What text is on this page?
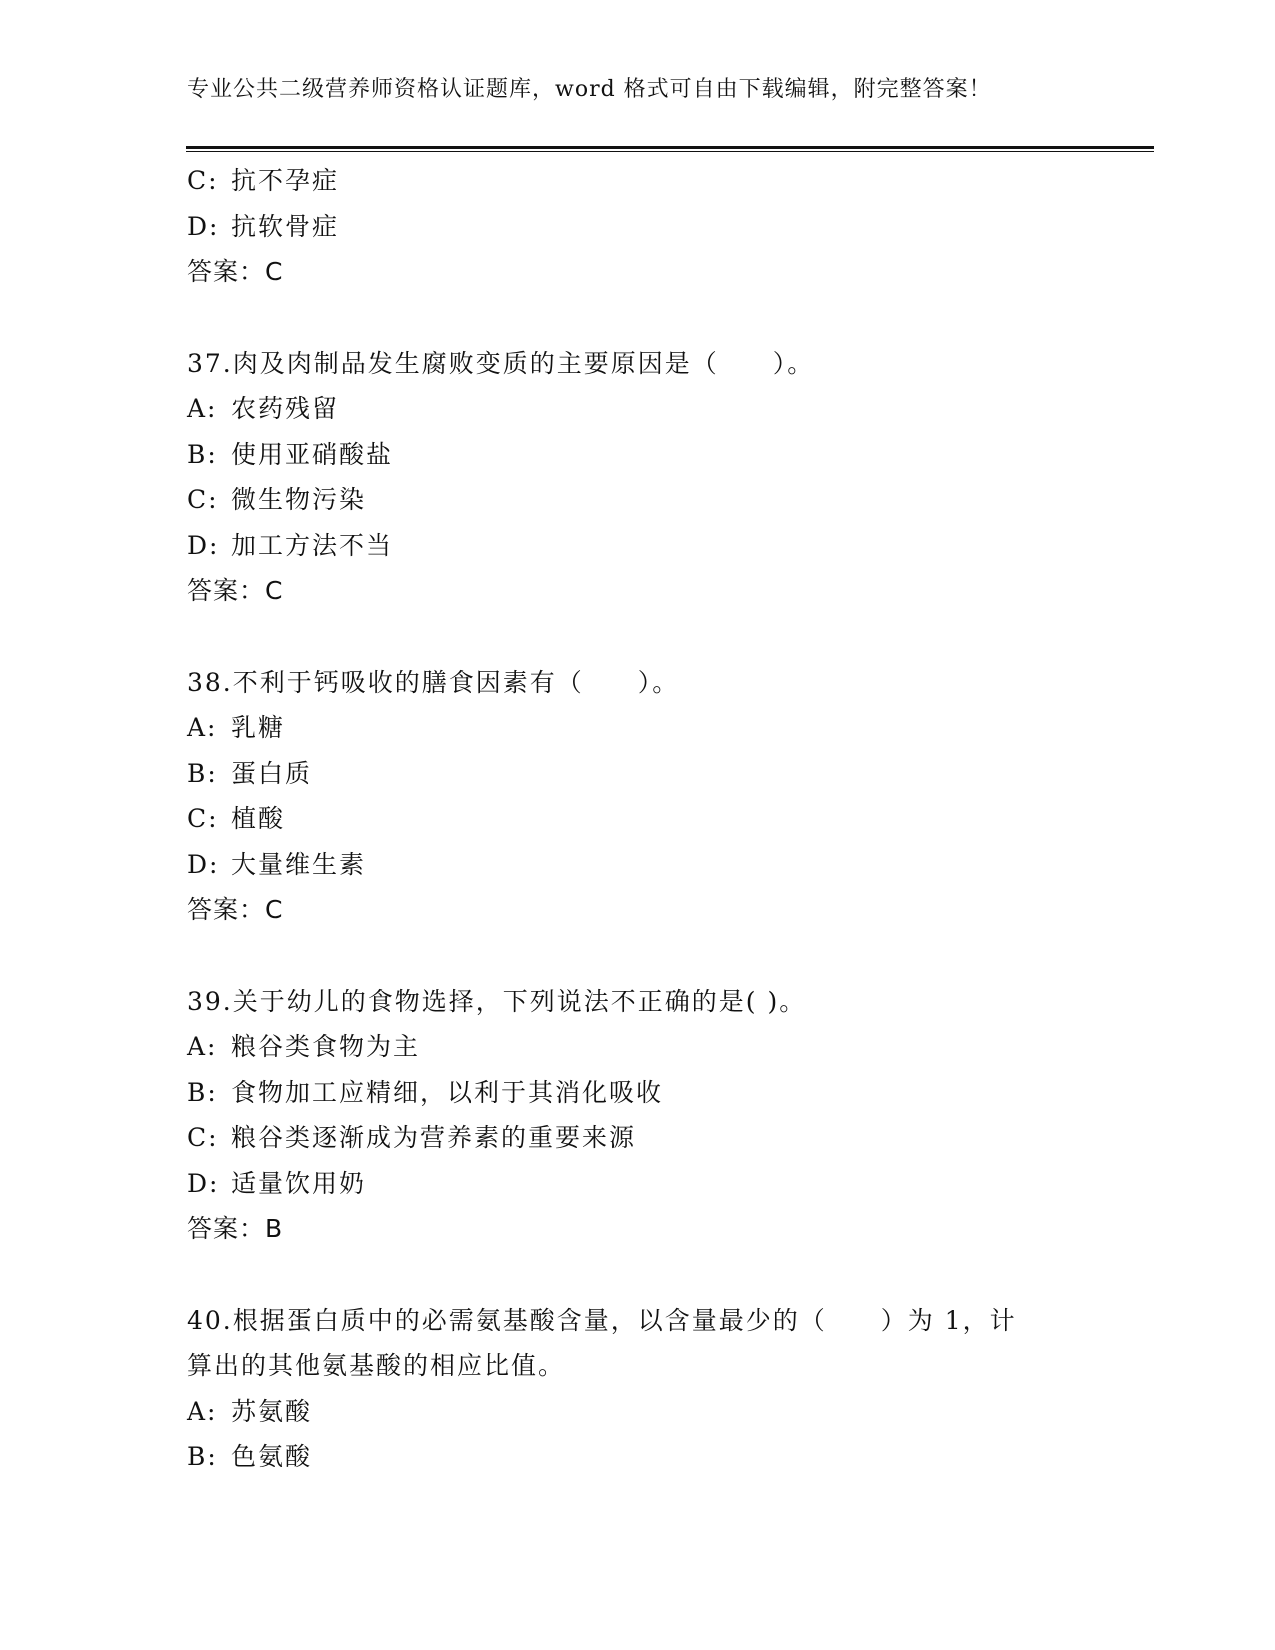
专业公共二级营养师资格认证题库，word 格式可自由下载编辑，附完整答案！
C: 抗不孕症
D: 抗软骨症
答案：C
37.肉及肉制品发生腐败变质的主要原因是（　　）。
A: 农药残留
B: 使用亚硝酸盐
C: 微生物污染
D: 加工方法不当
答案：C
38.不利于钙吸收的膳食因素有（　　）。
A: 乳糖
B: 蛋白质
C: 植酸
D: 大量维生素
答案：C
39.关于幼儿的食物选择，下列说法不正确的是( )。
A: 粮谷类食物为主
B: 食物加工应精细，以利于其消化吸收
C: 粮谷类逐渐成为营养素的重要来源
D: 适量饮用奶
答案：B
40.根据蛋白质中的必需氨基酸含量，以含量最少的（　　）为 1，计
算出的其他氨基酸的相应比值。
A: 苏氨酸
B: 色氨酸
